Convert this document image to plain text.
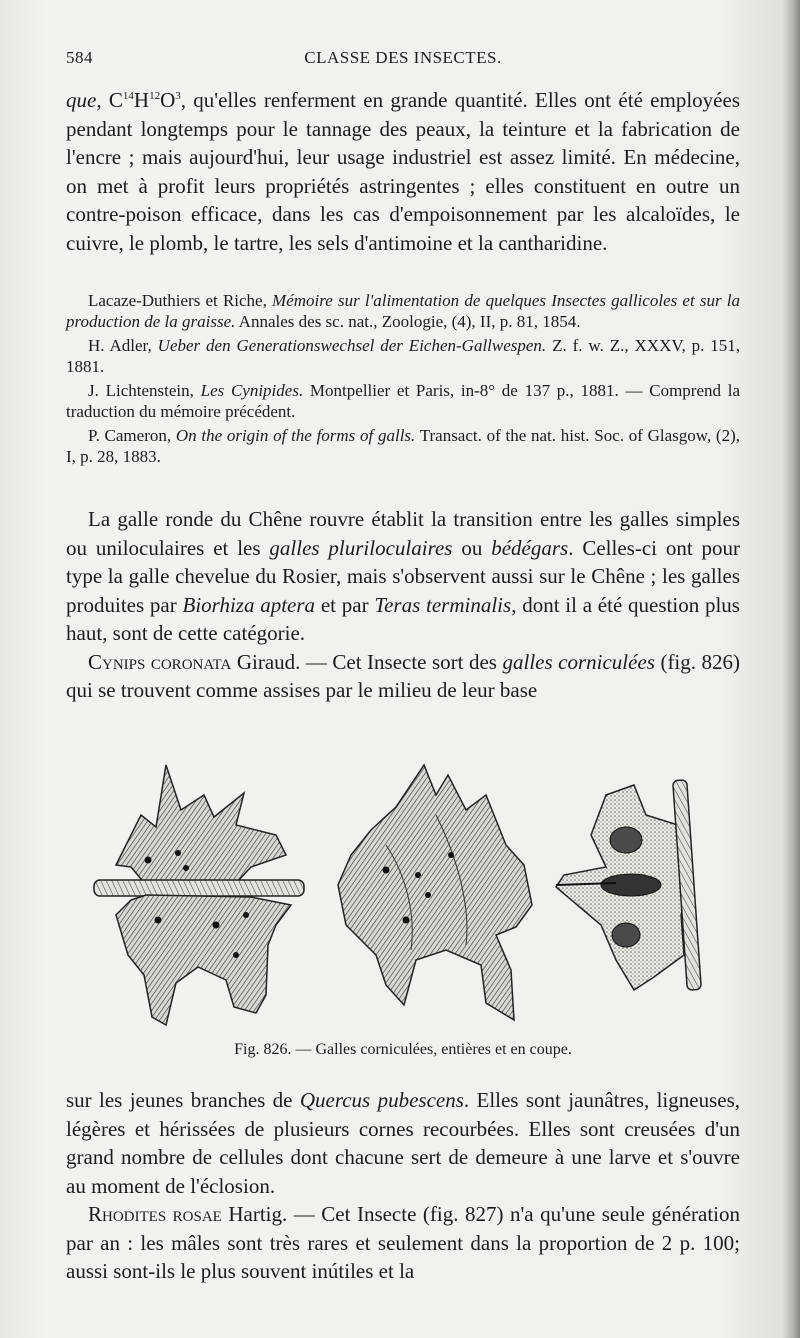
584	CLASSE DES INSECTES.

que, $C^{14}H^{12}O^3$, qu'elles renferment en grande quantité. Elles ont été employées pendant longtemps pour le tannage des peaux, la teinture et la fabrication de l'encre ; mais aujourd'hui, leur usage industriel est assez limité. En médecine, on met à profit leurs propriétés astringentes ; elles constituent en outre un contre-poison efficace, dans les cas d'empoisonnement par les alcaloïdes, le cuivre, le plomb, le tartre, les sels d'antimoine et la cantharidine.

Lacaze-Duthiers et Riche, Mémoire sur l'alimentation de quelques Insectes gallicoles et sur la production de la graisse. Annales des sc. nat., Zoologie, (4), II, p. 81, 1854.

H. Adler, Ueber den Generationswechsel der Eichen-Gallwespen. Z. f. w. Z., XXXV, p. 151, 1881.

J. Lichtenstein, Les Cynipides. Montpellier et Paris, in-8° de 137 p., 1881. — Comprend la traduction du mémoire précédent.

P. Cameron, On the origin of the forms of galls. Transact. of the nat. hist. Soc. of Glasgow, (2), I, p. 28, 1883.

La galle ronde du Chêne rouvre établit la transition entre les galles simples ou uniloculaires et les galles pluriloculaires ou bédégars. Celles-ci ont pour type la galle chevelue du Rosier, mais s'observent aussi sur le Chêne ; les galles produites par Biorhiza aptera et par Teras terminalis, dont il a été question plus haut, sont de cette catégorie.

Cynips coronata Giraud. — Cet Insecte sort des galles corniculées (fig. 826) qui se trouvent comme assises par le milieu de leur base

Fig. 826. — Galles corniculées, entières et en coupe.

sur les jeunes branches de Quercus pubescens. Elles sont jaunâtres, ligneuses, légères et hérissées de plusieurs cornes recourbées. Elles sont creusées d'un grand nombre de cellules dont chacune sert de demeure à une larve et s'ouvre au moment de l'éclosion.

Rhodites rosae Hartig. — Cet Insecte (fig. 827) n'a qu'une seule génération par an : les mâles sont très rares et seulement dans la proportion de 2 p. 100; aussi sont-ils le plus souvent inútiles et la
